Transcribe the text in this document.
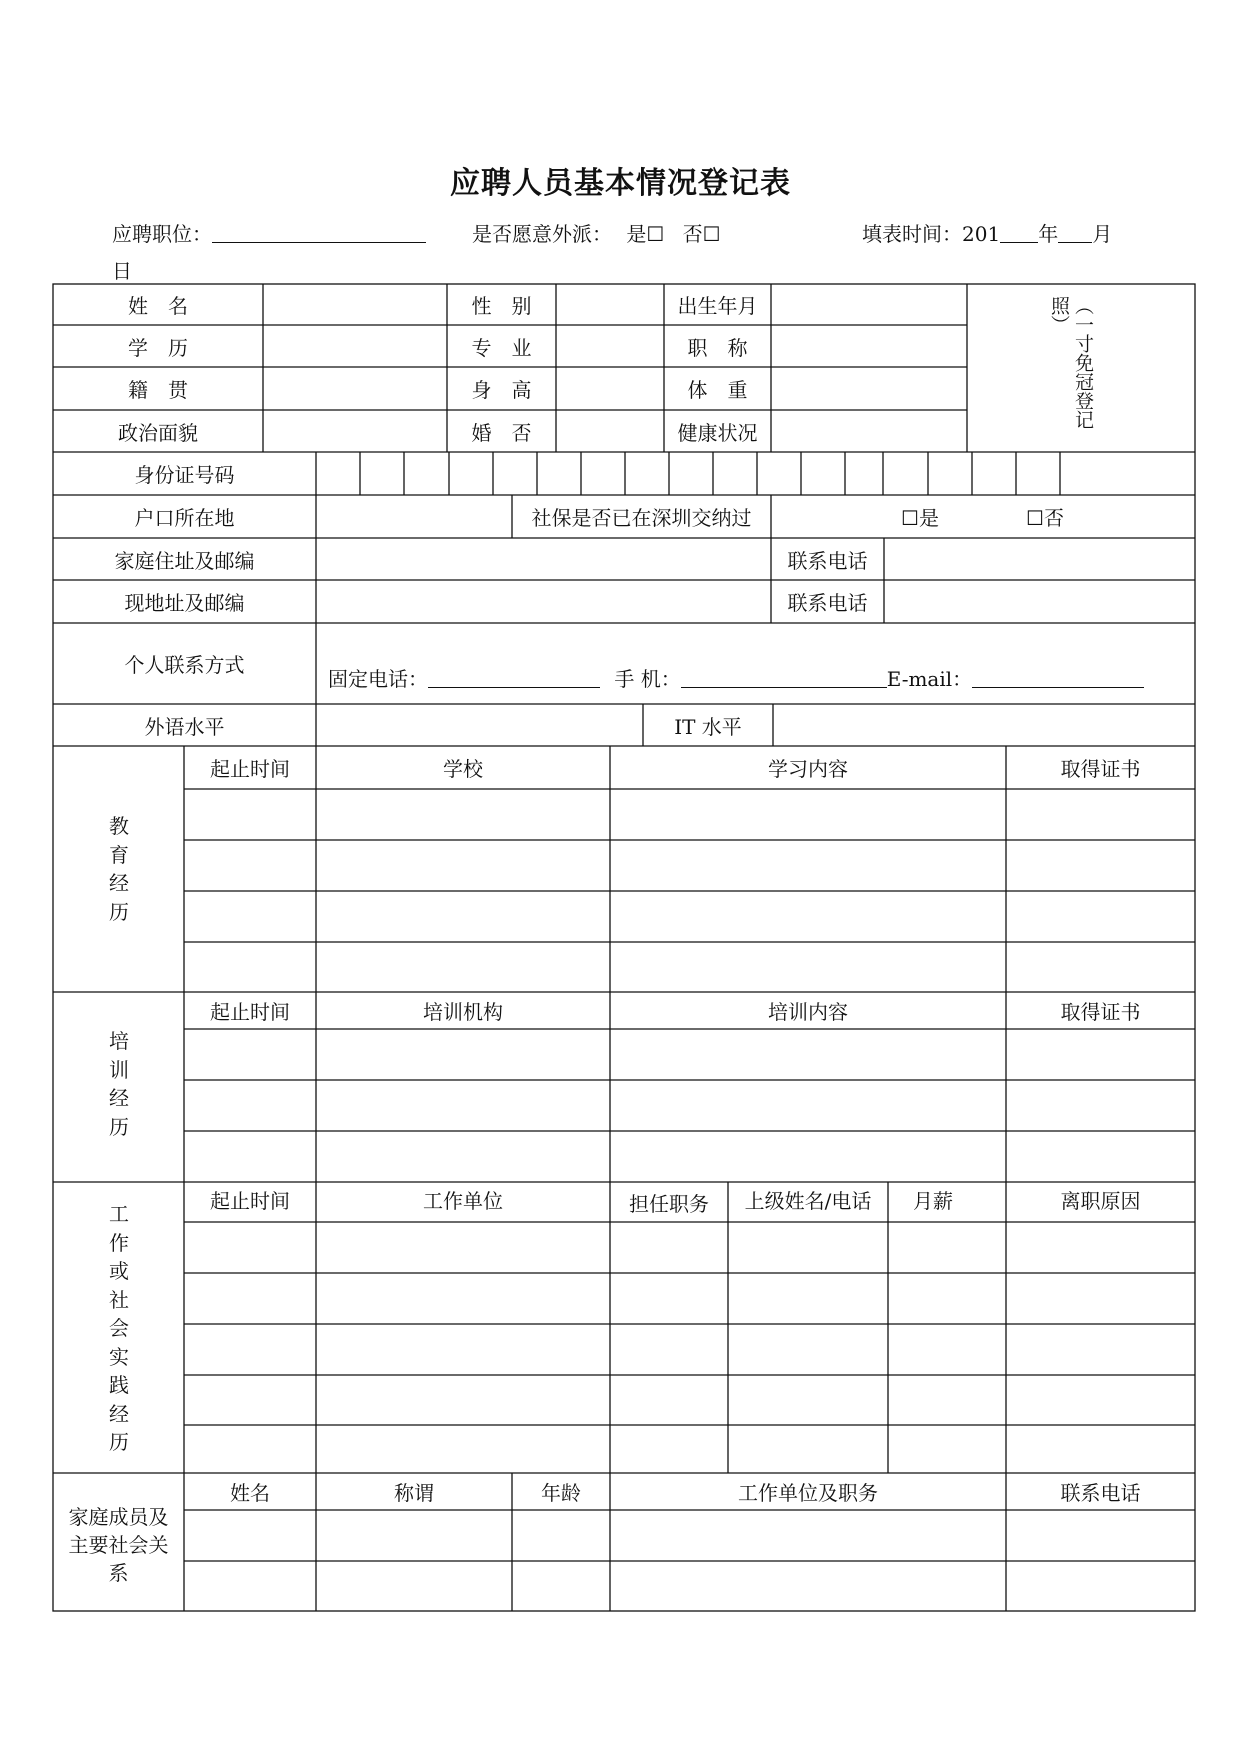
应聘人员基本情况登记表
应聘职位：	是否愿意外派： 是☐ 否☐	填表时间：201 年 月
日
姓　名	性　别	出生年月
学　历	专　业	职　称
籍　贯	身　高	体　重
政治面貌	婚　否	健康状况
（一寸免冠登记照）
身份证号码
户口所在地	社保是否已在深圳交纳过	☐是	☐否
家庭住址及邮编	联系电话
现地址及邮编	联系电话
个人联系方式
固定电话：	手 机：	E-mail：
外语水平	IT 水平
教
育
经
历
起止时间	学校	学习内容	取得证书
培
训
经
历
起止时间	培训机构	培训内容	取得证书
工
作
或
社
会
实
践
经
历
起止时间	工作单位	担任职务	上级姓名/电话	月薪	离职原因
家庭成员及主要社会关系
姓名	称谓	年龄	工作单位及职务	联系电话
